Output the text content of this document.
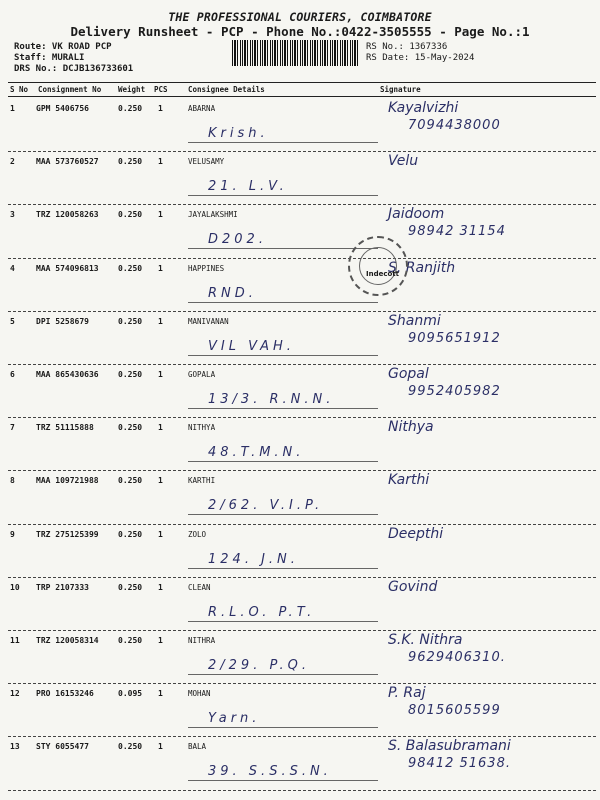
THE PROFESSIONAL COURIERS, COIMBATORE
Delivery Runsheet - PCP - Phone No.:0422-3505555 - Page No.:1
Route: VK ROAD PCP
Staff: MURALI
DRS No.: DCJB136733601
RS No.: 1367336
RS Date: 15-May-2024
S No Consignment No Weight PCS	Consignee Details	Signature
1	GPM 5406756	0.250 1	ABARNA
Krish.
Kayalvizhi
7094438000
2	MAA 573760527 0.250 1	VELUSAMY
21. L.V.
Velu
3	TRZ 120058263 0.250 1	JAYALAKSHMI
D202.
Jaidoom
98942 31154
4	MAA 574096813 0.250 1	HAPPINES
RND.
S. Ranjith
5	DPI 5258679	0.250 1	MANIVANAN
VIL VAH.
Shanmi
9095651912
6	MAA 865430636 0.250 1	GOPALA
13/3. R.N.N.
Gopal
9952405982
7	TRZ 51115888	0.250 1	NITHYA
48.T.M.N.
Nithya
8	MAA 109721988 0.250 1	KARTHI
2/62. V.I.P.
Karthi
9	TRZ 275125399 0.250 1	ZOLO
124. J.N.
Deepthi
10 TRP 2107333	0.250 1	CLEAN
R.L.O. P.T.
Govind
11 TRZ 120058314 0.250 1	NITHRA
2/29. P.Q.
S.K. Nithra
9629406310.
12 PRO 16153246	0.095 1	MOHAN
Yarn.
P. Raj
8015605599
13 STY 6055477	0.250 1	BALA
39. S.S.S.N.
S. Balasubramani
98412 51638.
Indecott
